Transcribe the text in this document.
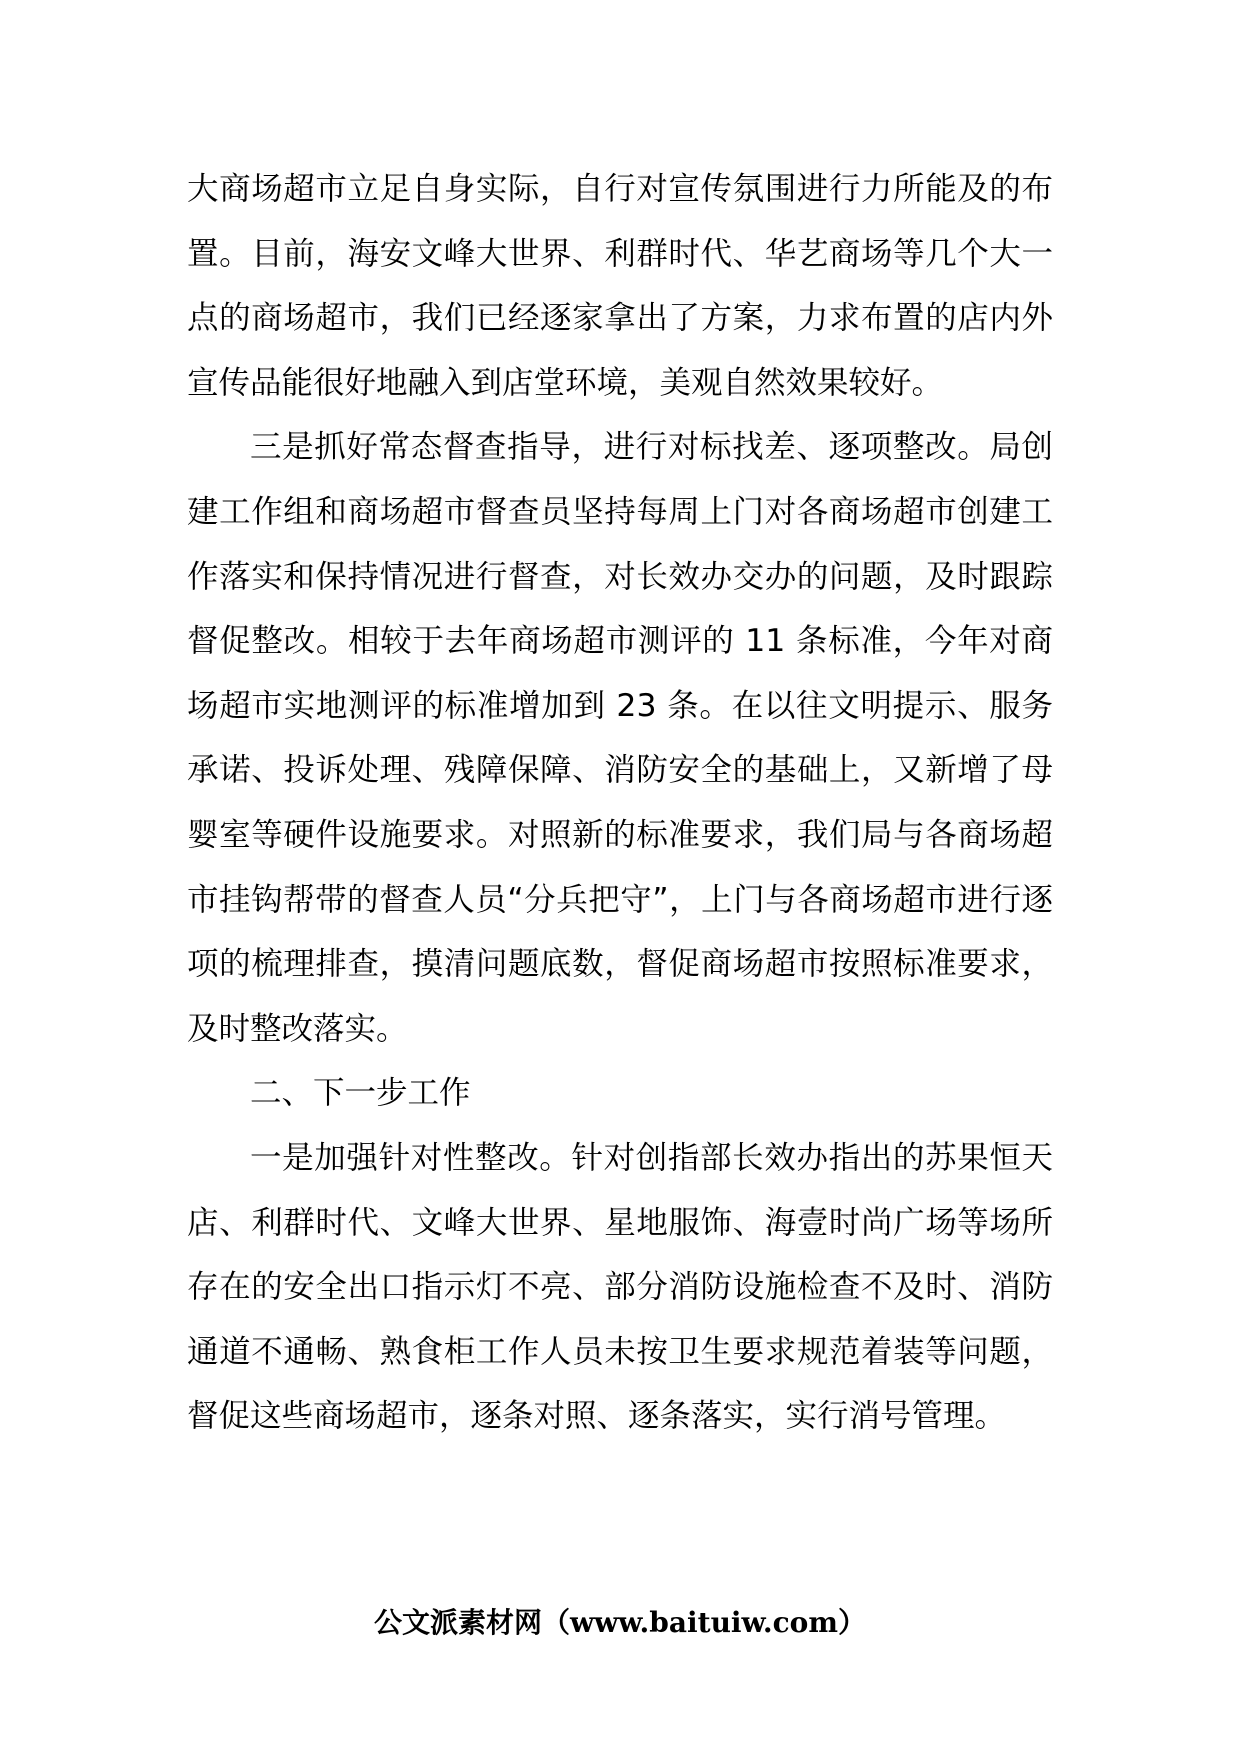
大商场超市立足自身实际，自行对宣传氛围进行力所能及的布置。目前，海安文峰大世界、利群时代、华艺商场等几个大一点的商场超市，我们已经逐家拿出了方案，力求布置的店内外宣传品能很好地融入到店堂环境，美观自然效果较好。

三是抓好常态督查指导，进行对标找差、逐项整改。局创建工作组和商场超市督查员坚持每周上门对各商场超市创建工作落实和保持情况进行督查，对长效办交办的问题，及时跟踪督促整改。相较于去年商场超市测评的 11 条标准，今年对商场超市实地测评的标准增加到 23 条。在以往文明提示、服务承诺、投诉处理、残障保障、消防安全的基础上，又新增了母婴室等硬件设施要求。对照新的标准要求，我们局与各商场超市挂钩帮带的督查人员“分兵把守”，上门与各商场超市进行逐项的梳理排查，摸清问题底数，督促商场超市按照标准要求，及时整改落实。

二、下一步工作

一是加强针对性整改。针对创指部长效办指出的苏果恒天店、利群时代、文峰大世界、星地服饰、海壹时尚广场等场所存在的安全出口指示灯不亮、部分消防设施检查不及时、消防通道不通畅、熟食柜工作人员未按卫生要求规范着装等问题，督促这些商场超市，逐条对照、逐条落实，实行消号管理。

公文派素材网（www.baituiw.com）
